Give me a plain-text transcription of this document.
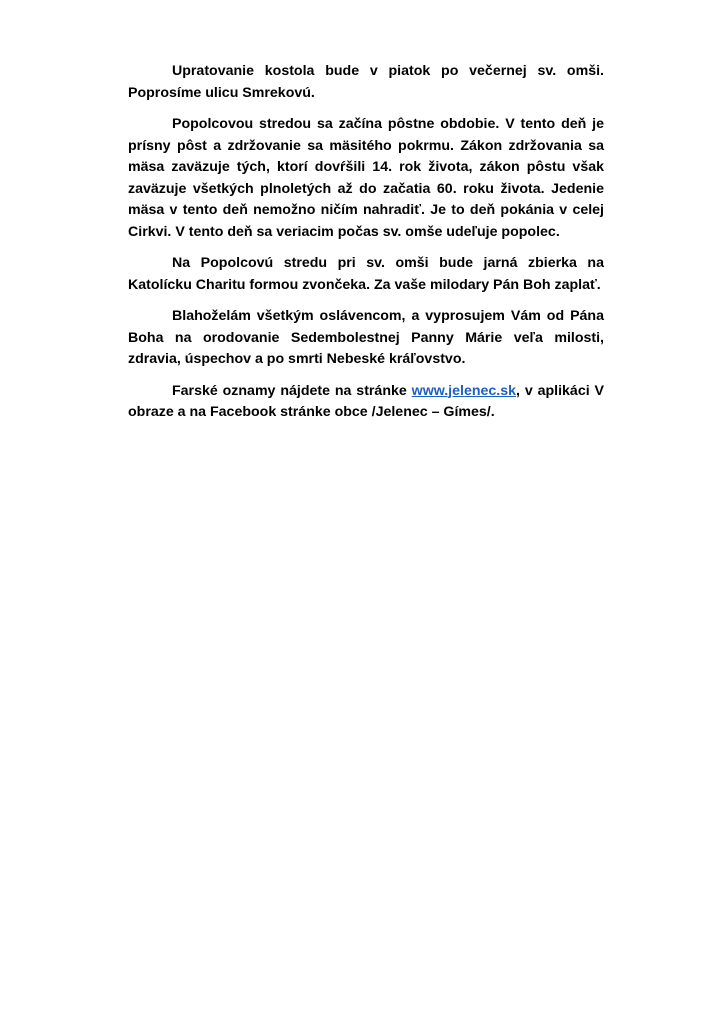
Upratovanie kostola bude v piatok po večernej sv. omši. Poprosíme ulicu Smrekovú.

Popolcovou stredou sa začína pôstne obdobie. V tento deň je prísny pôst a zdržovanie sa mäsitého pokrmu. Zákon zdržovania sa mäsa zaväzuje tých, ktorí dovŕšili 14. rok života, zákon pôstu však zaväzuje všetkých plnoletých až do začatia 60. roku života. Jedenie mäsa v tento deň nemožno ničím nahradiť. Je to deň pokánia v celej Cirkvi. V tento deň sa veriacim počas sv. omše udeľuje popolec.

Na Popolcovú stredu pri sv. omši bude jarná zbierka na Katolícku Charitu formou zvončeka. Za vaše milodary Pán Boh zaplať.

Blahoželám všetkým oslávencom, a vyprosujem Vám od Pána Boha na orodovanie Sedembolestnej Panny Márie veľa milosti, zdravia, úspechov a po smrti Nebeské kráľovstvo.

Farské oznamy nájdete na stránke www.jelenec.sk, v aplikáci V obraze a na Facebook stránke obce /Jelenec – Gímes/.
